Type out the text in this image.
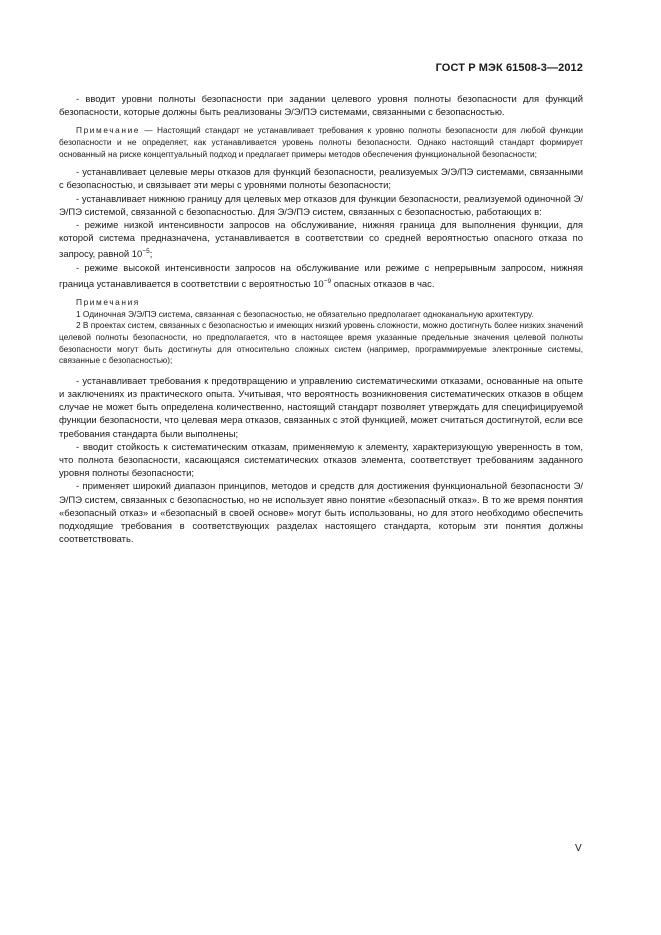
ГОСТ Р МЭК 61508-3—2012

- вводит уровни полноты безопасности при задании целевого уровня полноты безопасности для функций безопасности, которые должны быть реализованы Э/Э/ПЭ системами, связанными с безопасностью.

Примечание — Настоящий стандарт не устанавливает требования к уровню полноты безопасности для любой функции безопасности и не определяет, как устанавливается уровень полноты безопасности. Однако настоящий стандарт формирует основанный на риске концептуальный подход и предлагает примеры методов обеспечения функциональной безопасности;

- устанавливает целевые меры отказов для функций безопасности, реализуемых Э/Э/ПЭ системами, связанными с безопасностью, и связывает эти меры с уровнями полноты безопасности;

- устанавливает нижнюю границу для целевых мер отказов для функции безопасности, реализуемой одиночной Э/Э/ПЭ системой, связанной с безопасностью. Для Э/Э/ПЭ систем, связанных с безопасностью, работающих в:

- режиме низкой интенсивности запросов на обслуживание, нижняя граница для выполнения функции, для которой система предназначена, устанавливается в соответствии со средней вероятностью опасного отказа по запросу, равной $10^{-5}$;

- режиме высокой интенсивности запросов на обслуживание или режиме с непрерывным запросом, нижняя граница устанавливается в соответствии с вероятностью $10^{-9}$ опасных отказов в час.

Примечания

1 Одиночная Э/Э/ПЭ система, связанная с безопасностью, не обязательно предполагает одноканальную архитектуру.

2 В проектах систем, связанных с безопасностью и имеющих низкий уровень сложности, можно достигнуть более низких значений целевой полноты безопасности, но предполагается, что в настоящее время указанные предельные значения целевой полноты безопасности могут быть достигнуты для относительно сложных систем (например, программируемые электронные системы, связанные с безопасностью);

- устанавливает требования к предотвращению и управлению систематическими отказами, основанные на опыте и заключениях из практического опыта. Учитывая, что вероятность возникновения систематических отказов в общем случае не может быть определена количественно, настоящий стандарт позволяет утверждать для специфицируемой функции безопасности, что целевая мера отказов, связанных с этой функцией, может считаться достигнутой, если все требования стандарта были выполнены;

- вводит стойкость к систематическим отказам, применяемую к элементу, характеризующую уверенность в том, что полнота безопасности, касающаяся систематических отказов элемента, соответствует требованиям заданного уровня полноты безопасности;

- применяет широкий диапазон принципов, методов и средств для достижения функциональной безопасности Э/Э/ПЭ систем, связанных с безопасностью, но не использует явно понятие «безопасный отказ». В то же время понятия «безопасный отказ» и «безопасный в своей основе» могут быть использованы, но для этого необходимо обеспечить подходящие требования в соответствующих разделах настоящего стандарта, которым эти понятия должны соответствовать.

V
